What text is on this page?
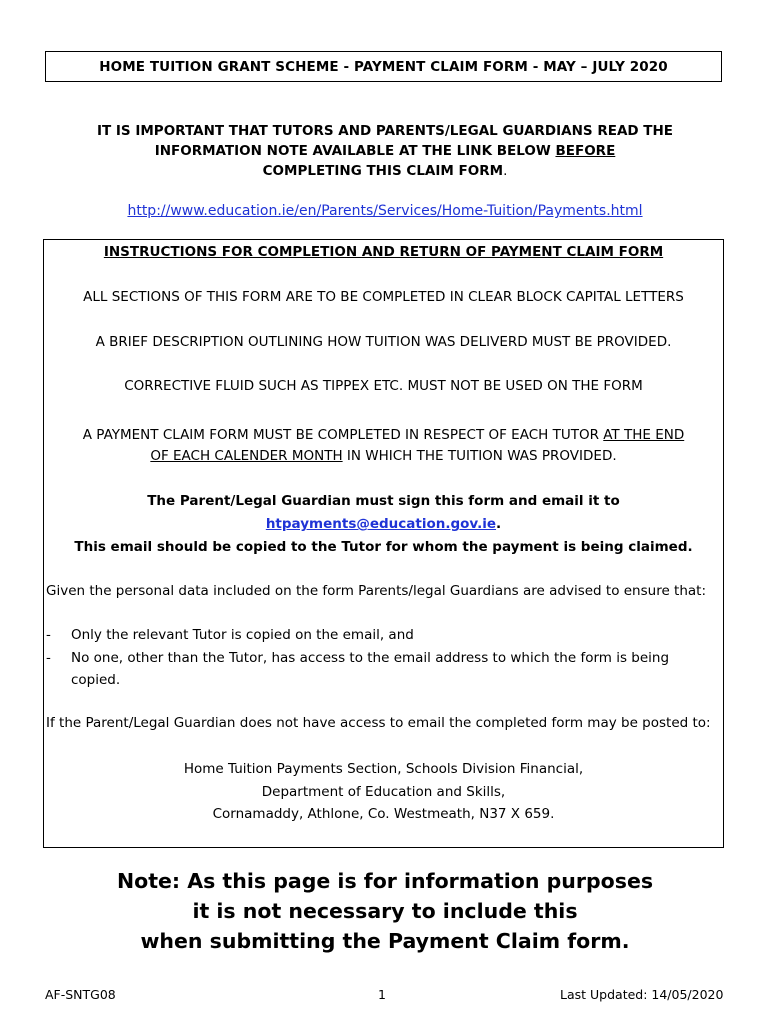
HOME TUITION GRANT SCHEME - PAYMENT CLAIM FORM - MAY – JULY 2020
IT IS IMPORTANT THAT TUTORS AND PARENTS/LEGAL GUARDIANS READ THE
INFORMATION NOTE AVAILABLE AT THE LINK BELOW BEFORE
COMPLETING THIS CLAIM FORM.
http://www.education.ie/en/Parents/Services/Home-Tuition/Payments.html
INSTRUCTIONS FOR COMPLETION AND RETURN OF PAYMENT CLAIM FORM
ALL SECTIONS OF THIS FORM ARE TO BE COMPLETED IN CLEAR BLOCK CAPITAL LETTERS
A BRIEF DESCRIPTION OUTLINING HOW TUITION WAS DELIVERD MUST BE PROVIDED.
CORRECTIVE FLUID SUCH AS TIPPEX ETC. MUST NOT BE USED ON THE FORM
A PAYMENT CLAIM FORM MUST BE COMPLETED IN RESPECT OF EACH TUTOR AT THE END
OF EACH CALENDER MONTH IN WHICH THE TUITION WAS PROVIDED.
The Parent/Legal Guardian must sign this form and email it to
htpayments@education.gov.ie.
This email should be copied to the Tutor for whom the payment is being claimed.
Given the personal data included on the form Parents/legal Guardians are advised to ensure that:
- Only the relevant Tutor is copied on the email, and
- No one, other than the Tutor, has access to the email address to which the form is being copied.
If the Parent/Legal Guardian does not have access to email the completed form may be posted to:
Home Tuition Payments Section, Schools Division Financial,
Department of Education and Skills,
Cornamaddy, Athlone, Co. Westmeath, N37 X 659.
Note: As this page is for information purposes
it is not necessary to include this
when submitting the Payment Claim form.
AF-SNTG08	1	Last Updated: 14/05/2020
